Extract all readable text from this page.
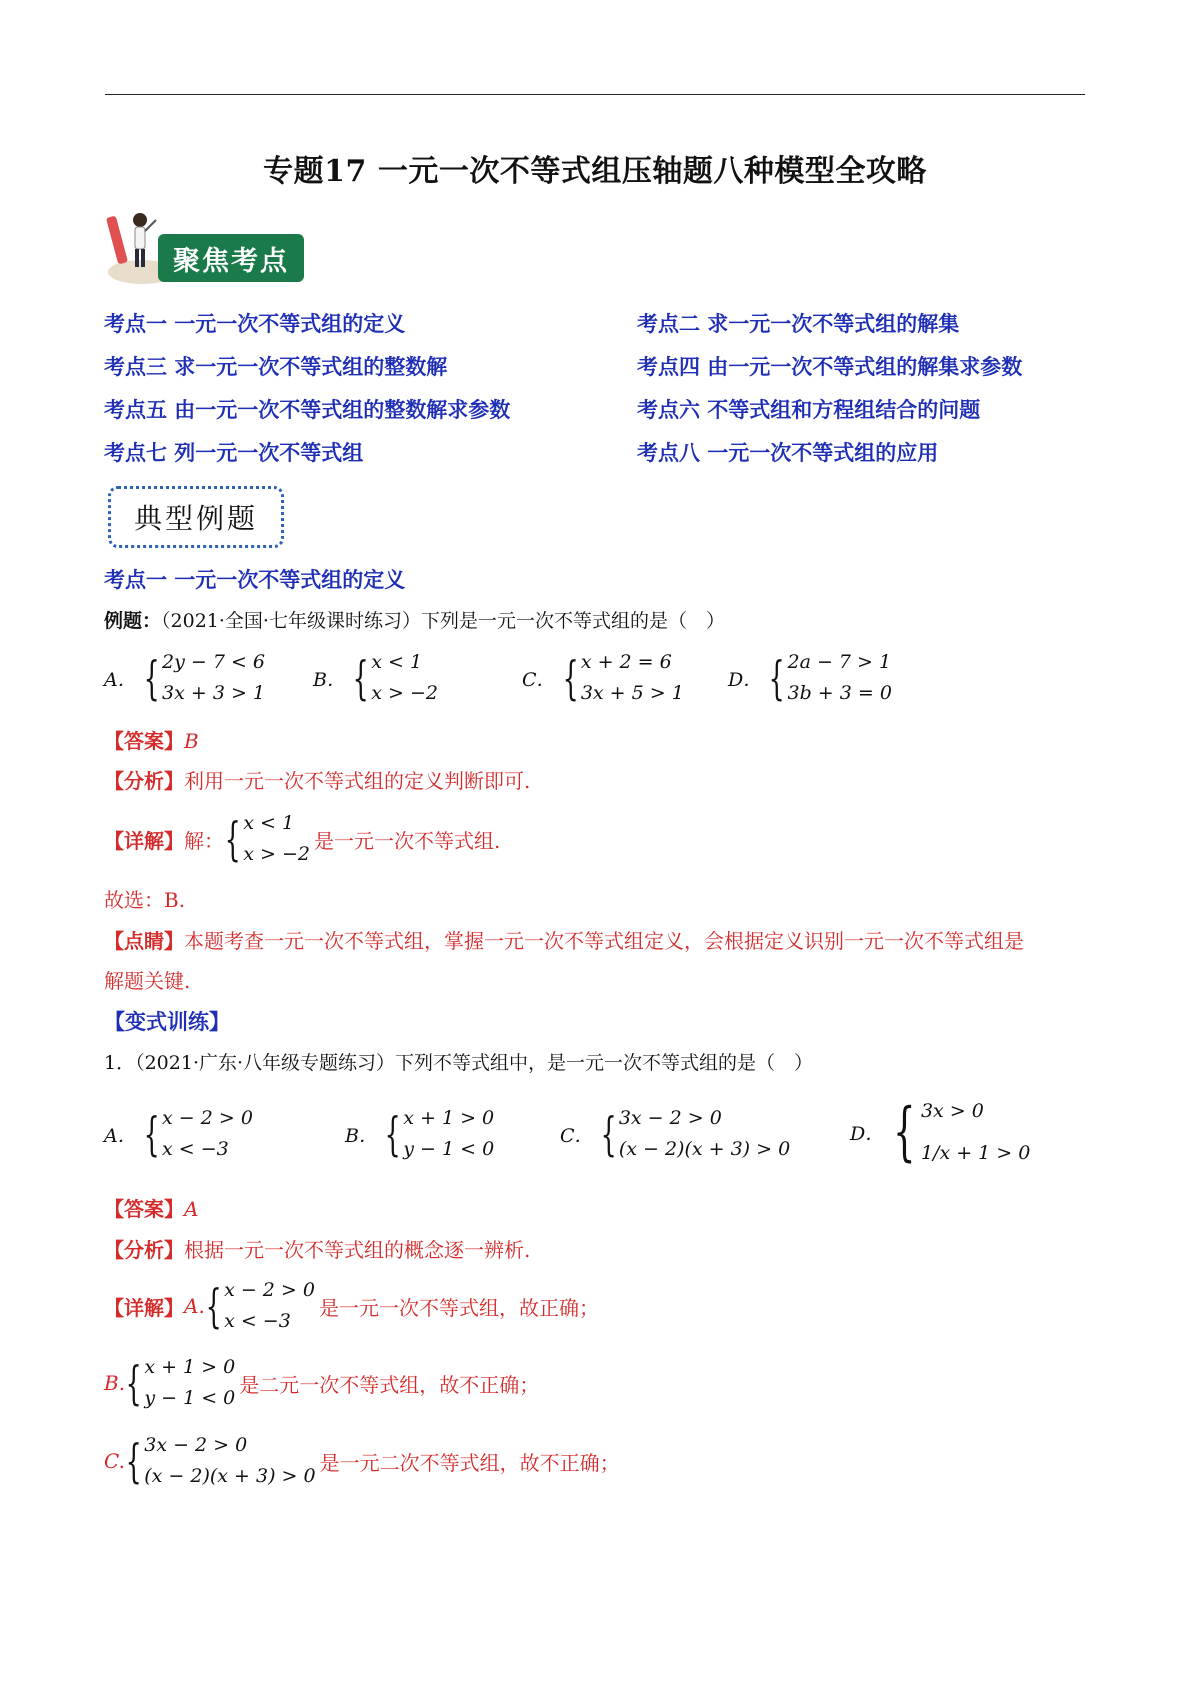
专题17 一元一次不等式组压轴题八种模型全攻略
聚焦考点
考点一 一元一次不等式组的定义	考点二 求一元一次不等式组的解集
考点三 求一元一次不等式组的整数解	考点四 由一元一次不等式组的解集求参数
考点五 由一元一次不等式组的整数解求参数	考点六 不等式组和方程组结合的问题
考点七 列一元一次不等式组	考点八 一元一次不等式组的应用
典型例题
考点一 一元一次不等式组的定义
例题：（2021·全国·七年级课时练习）下列是一元一次不等式组的是（　）
A． { 2y − 7 < 6
3x + 3 > 1
B． { x < 1
x > −2
C． { x + 2 = 6
3x + 5 > 1
D． { 2a − 7 > 1
3b + 3 = 0
【答案】B
【分析】利用一元一次不等式组的定义判断即可.
【详解】 解： { x < 1
x > −2
是一元一次不等式组.
故选：B.
【点睛】本题考查一元一次不等式组，掌握一元一次不等式组定义，会根据定义识别一元一次不等式组是
解题关键.
【变式训练】
1．（2021·广东·八年级专题练习）下列不等式组中，是一元一次不等式组的是（　）
A． { x − 2 > 0
x < −3
B． { x + 1 > 0
y − 1 < 0
C． { 3x − 2 > 0
(x − 2)(x + 3) > 0
D． { 3x > 0
1/x + 1 > 0
【答案】A
【分析】根据一元一次不等式组的概念逐一辨析.
【详解】 A. { x − 2 > 0
x < −3
是一元一次不等式组，故正确；
B. { x + 1 > 0
y − 1 < 0
是二元一次不等式组，故不正确；
C. { 3x − 2 > 0
(x − 2)(x + 3) > 0
是一元二次不等式组，故不正确；
